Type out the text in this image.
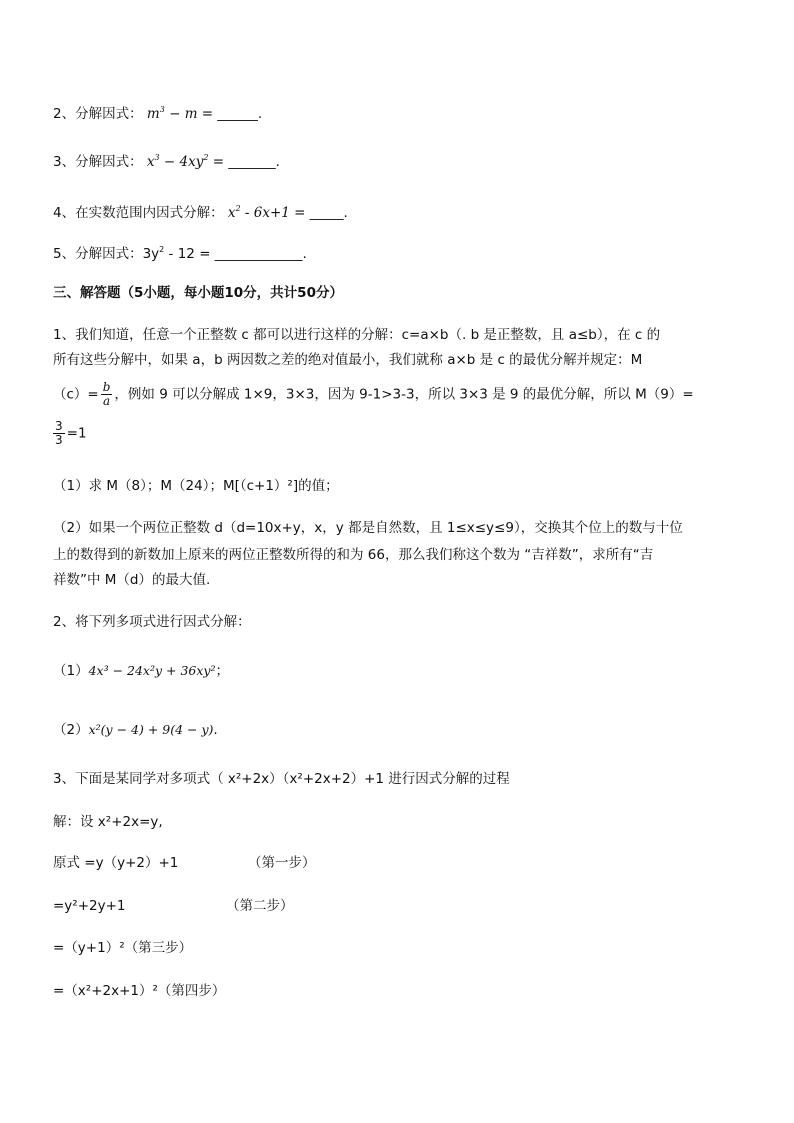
2、分解因式： $m^3 - m$ = ______.
3、分解因式： $x^3 - 4xy^2$ = _______.
4、在实数范围内因式分解： $x^2 - 6x+1$ = _____.
5、分解因式：$3y^2 - 12$ = _____________.
三、解答题（5小题，每小题10分，共计50分）
1、我们知道，任意一个正整数 c 都可以进行这样的分解：c=a×b（. b 是正整数，且 a≤b），在 c 的
所有这些分解中，如果 a，b 两因数之差的绝对值最小，我们就称 a×b 是 c 的最优分解并规定：M
$(c)= \frac{b}{a}$ ，例如 9 可以分解成 1×9，3×3，因为 9-1>3-3，所以 3×3 是 9 的最优分解，所以 M（9）=
$\frac{3}{3} =1$
（1）求 M（8）；M（24）；M[（c+1）²]的值；
（2）如果一个两位正整数 d（d=10x+y，x，y 都是自然数，且 1≤x≤y≤9），交换其个位上的数与十位
上的数得到的新数加上原来的两位正整数所得的和为 66，那么我们称这个数为 “吉祥数”，求所有“吉
祥数”中 M（d）的最大值.
2、将下列多项式进行因式分解：
（1）4x³ − 24x²y + 36xy²；
（2）x²(y − 4) + 9(4 − y).
3、下面是某同学对多项式（ x²+2x）（x²+2x+2）+1 进行因式分解的过程
解：设 x²+2x=y,
原式 =y（y+2）+1	（第一步）
=y²+2y+1	（第二步）
=（y+1）²（第三步）
=（x²+2x+1）²（第四步）
